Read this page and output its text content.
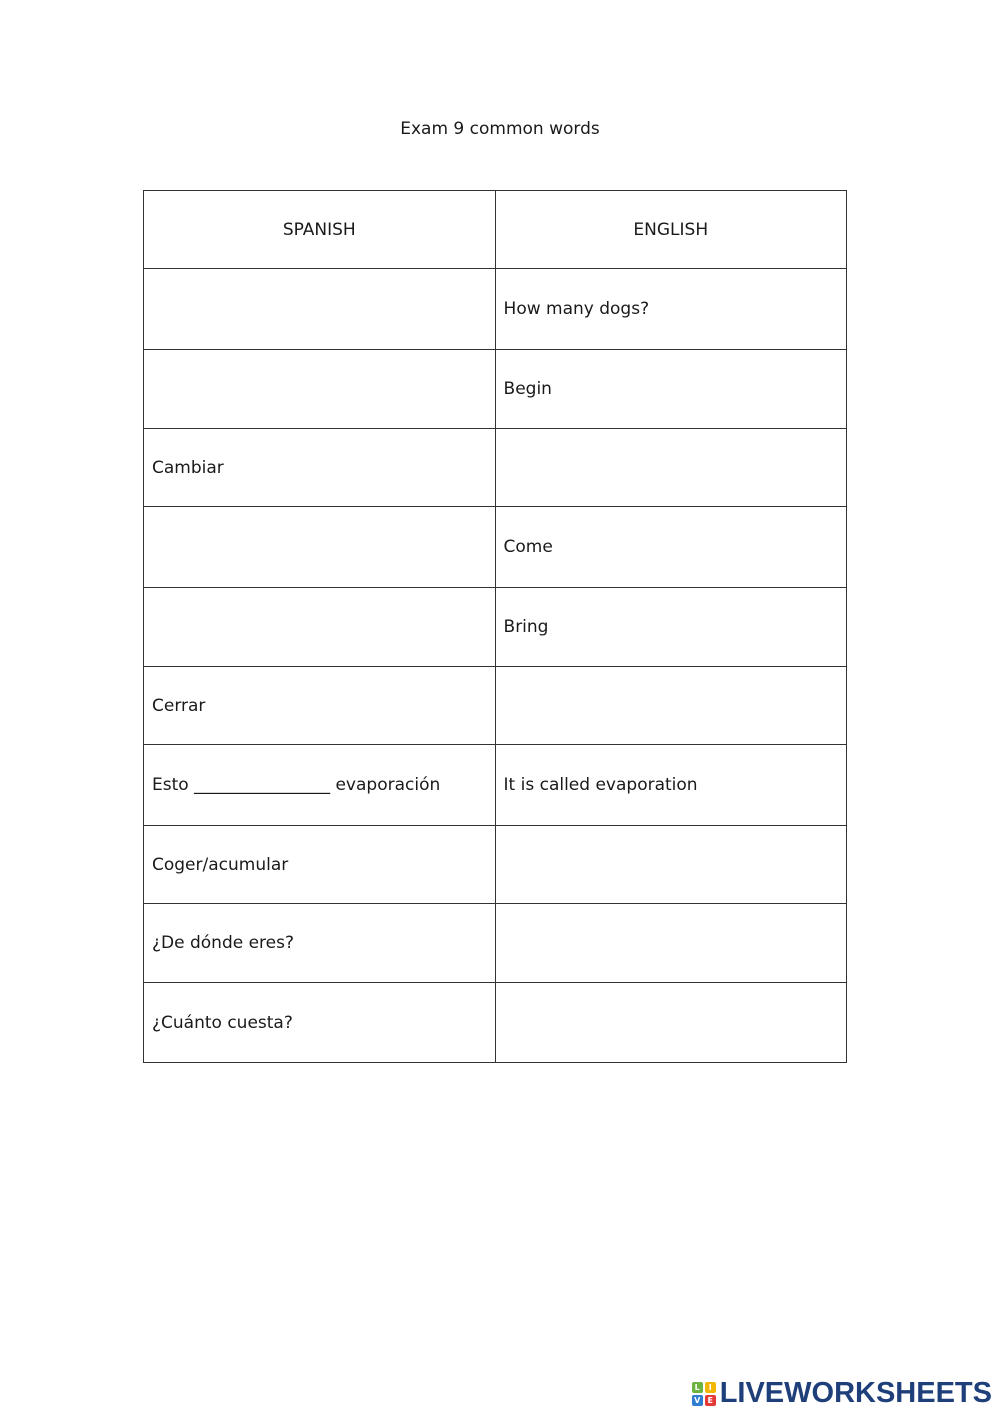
Exam 9 common words
SPANISH	ENGLISH
	How many dogs?
	Begin
Cambiar	
	Come
	Bring
Cerrar	
Esto ________________ evaporación	It is called evaporation
Coger/acumular	
¿De dónde eres?	
¿Cuánto cuesta?	
L	I
V E LIVEWORKSHEETS
